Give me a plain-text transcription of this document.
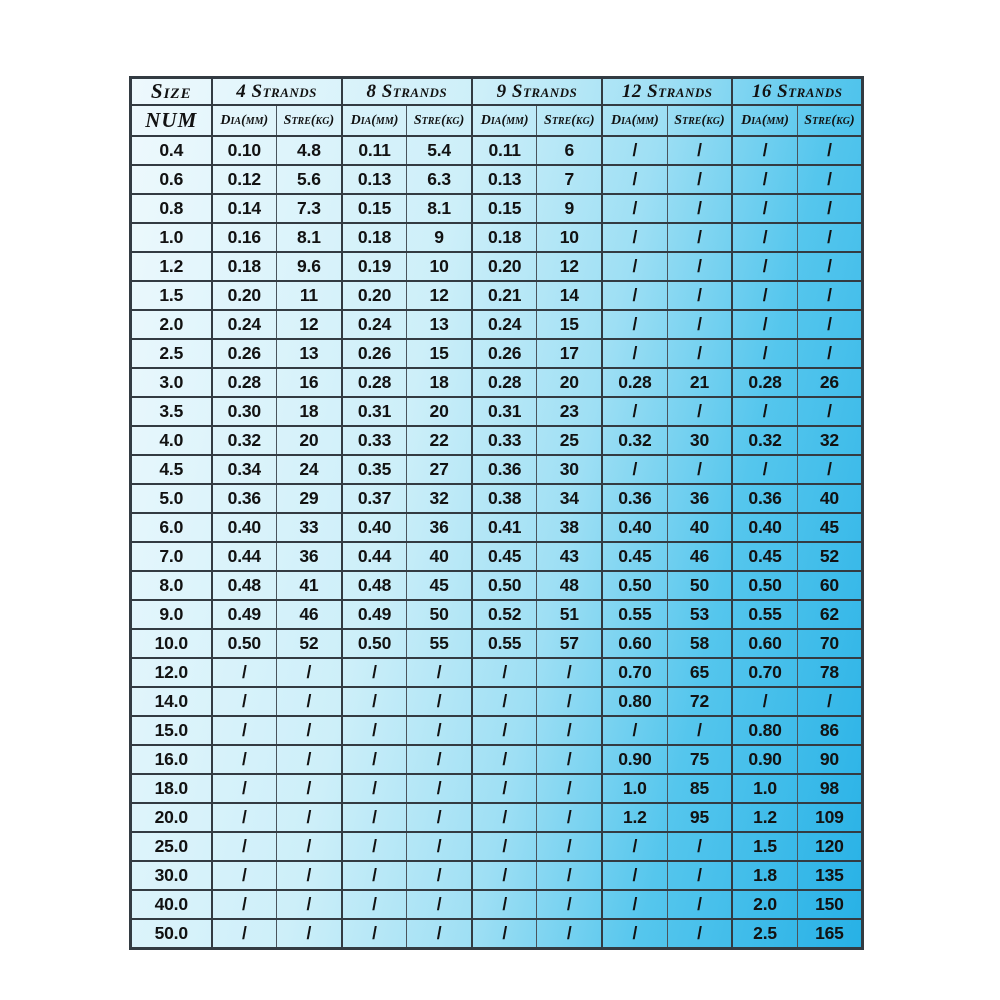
Size	4 Strands		8 Strands		9 Strands		12 Strands		16 Strands	
NUM	Dia(mm)	Stre(kg)	Dia(mm)	Stre(kg)	Dia(mm)	Stre(kg)	Dia(mm)	Stre(kg)	Dia(mm)	Stre(kg)
0.4	0.10	4.8	0.11	5.4	0.11	6	/	/	/	/
0.6	0.12	5.6	0.13	6.3	0.13	7	/	/	/	/
0.8	0.14	7.3	0.15	8.1	0.15	9	/	/	/	/
1.0	0.16	8.1	0.18	9	0.18	10	/	/	/	/
1.2	0.18	9.6	0.19	10	0.20	12	/	/	/	/
1.5	0.20	11	0.20	12	0.21	14	/	/	/	/
2.0	0.24	12	0.24	13	0.24	15	/	/	/	/
2.5	0.26	13	0.26	15	0.26	17	/	/	/	/
3.0	0.28	16	0.28	18	0.28	20	0.28	21	0.28	26
3.5	0.30	18	0.31	20	0.31	23	/	/	/	/
4.0	0.32	20	0.33	22	0.33	25	0.32	30	0.32	32
4.5	0.34	24	0.35	27	0.36	30	/	/	/	/
5.0	0.36	29	0.37	32	0.38	34	0.36	36	0.36	40
6.0	0.40	33	0.40	36	0.41	38	0.40	40	0.40	45
7.0	0.44	36	0.44	40	0.45	43	0.45	46	0.45	52
8.0	0.48	41	0.48	45	0.50	48	0.50	50	0.50	60
9.0	0.49	46	0.49	50	0.52	51	0.55	53	0.55	62
10.0	0.50	52	0.50	55	0.55	57	0.60	58	0.60	70
12.0	/	/	/	/	/	/	0.70	65	0.70	78
14.0	/	/	/	/	/	/	0.80	72	/	/
15.0	/	/	/	/	/	/	/	/	0.80	86
16.0	/	/	/	/	/	/	0.90	75	0.90	90
18.0	/	/	/	/	/	/	1.0	85	1.0	98
20.0	/	/	/	/	/	/	1.2	95	1.2	109
25.0	/	/	/	/	/	/	/	/	1.5	120
30.0	/	/	/	/	/	/	/	/	1.8	135
40.0	/	/	/	/	/	/	/	/	2.0	150
50.0	/	/	/	/	/	/	/	/	2.5	165
